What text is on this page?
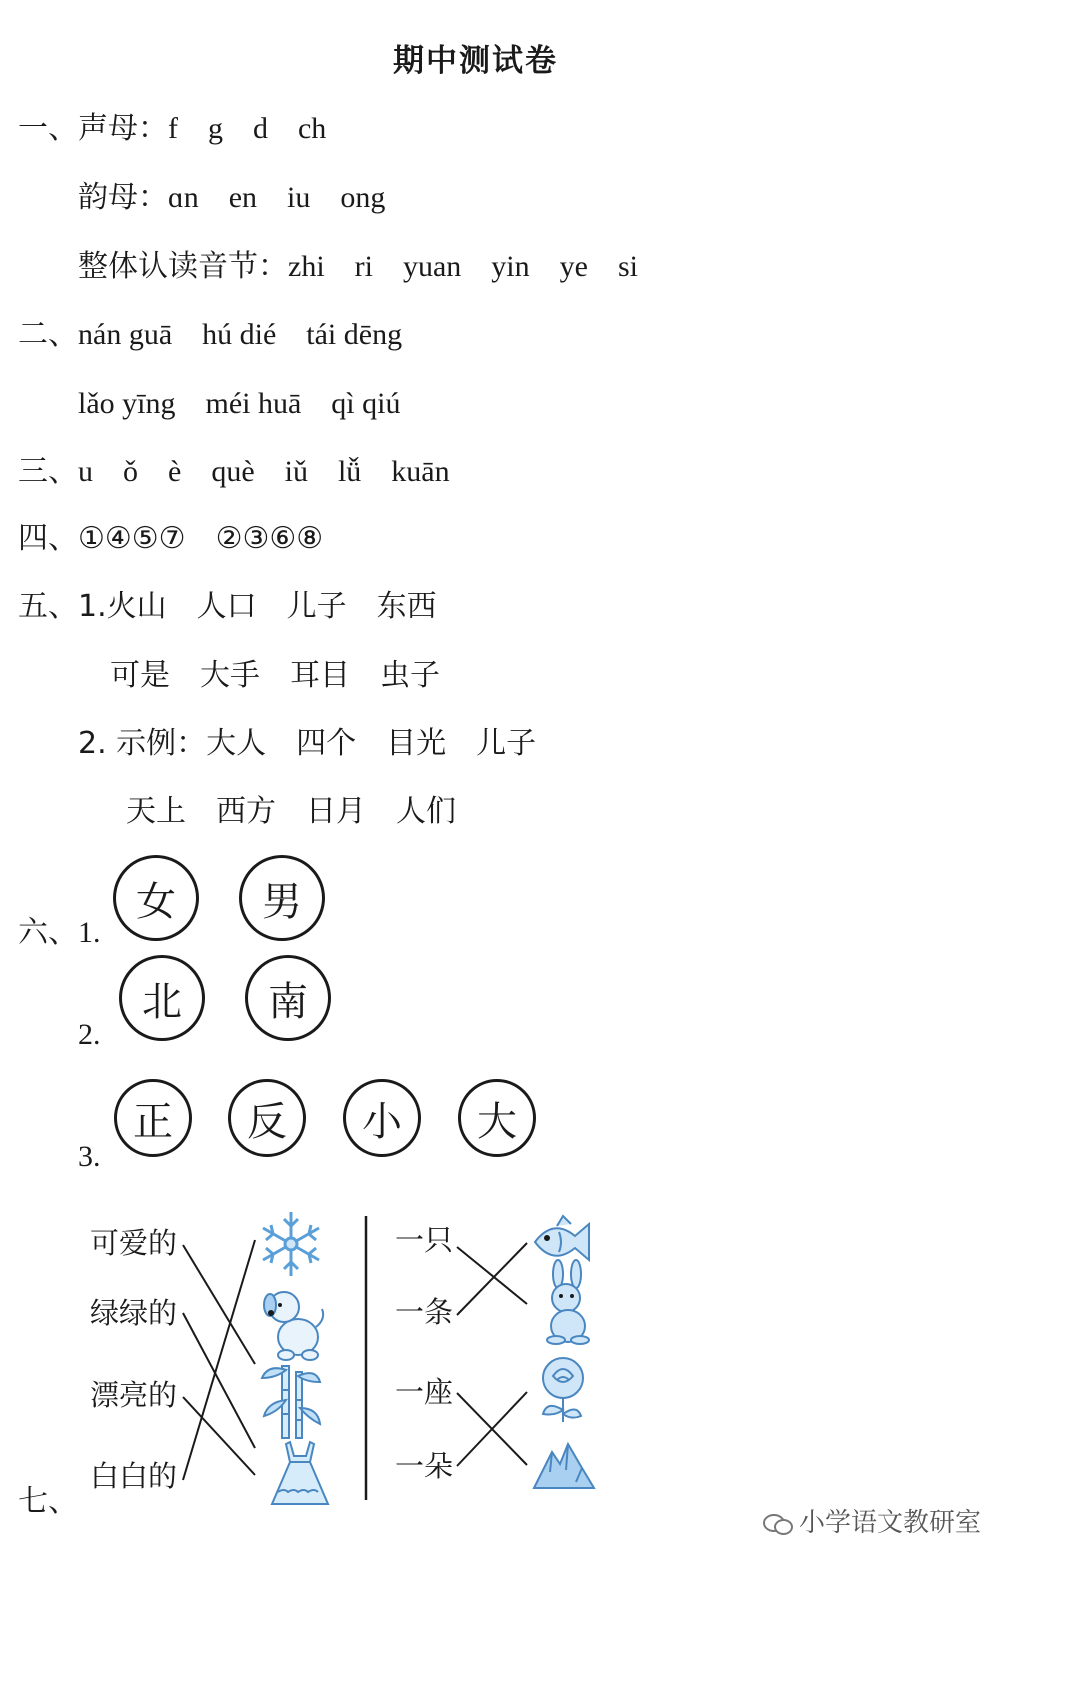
期中测试卷
一、 声母：f　g　d　ch
韵母：ɑn　en　iu　ong
整体认读音节：zhi　ri　yuan　yin　ye　si
二、 nán guā　hú dié　tái dēng
lǎo yīng　méi huā　qì qiú
三、 u　ǒ　è　què　iǔ　lǚ　kuān
四、 ①④⑤⑦　②③⑥⑧
五、 1.火山　人口　儿子　东西
可是　大手　耳目　虫子
2. 示例：大人　四个　目光　儿子
天上　西方　日月　人们
六、 1.
女	男
2.
北	南
3.
正	反	小	大
七、
可爱的
绿绿的
漂亮的
白白的
一只
一条
一座
一朵

小学语文教研室
